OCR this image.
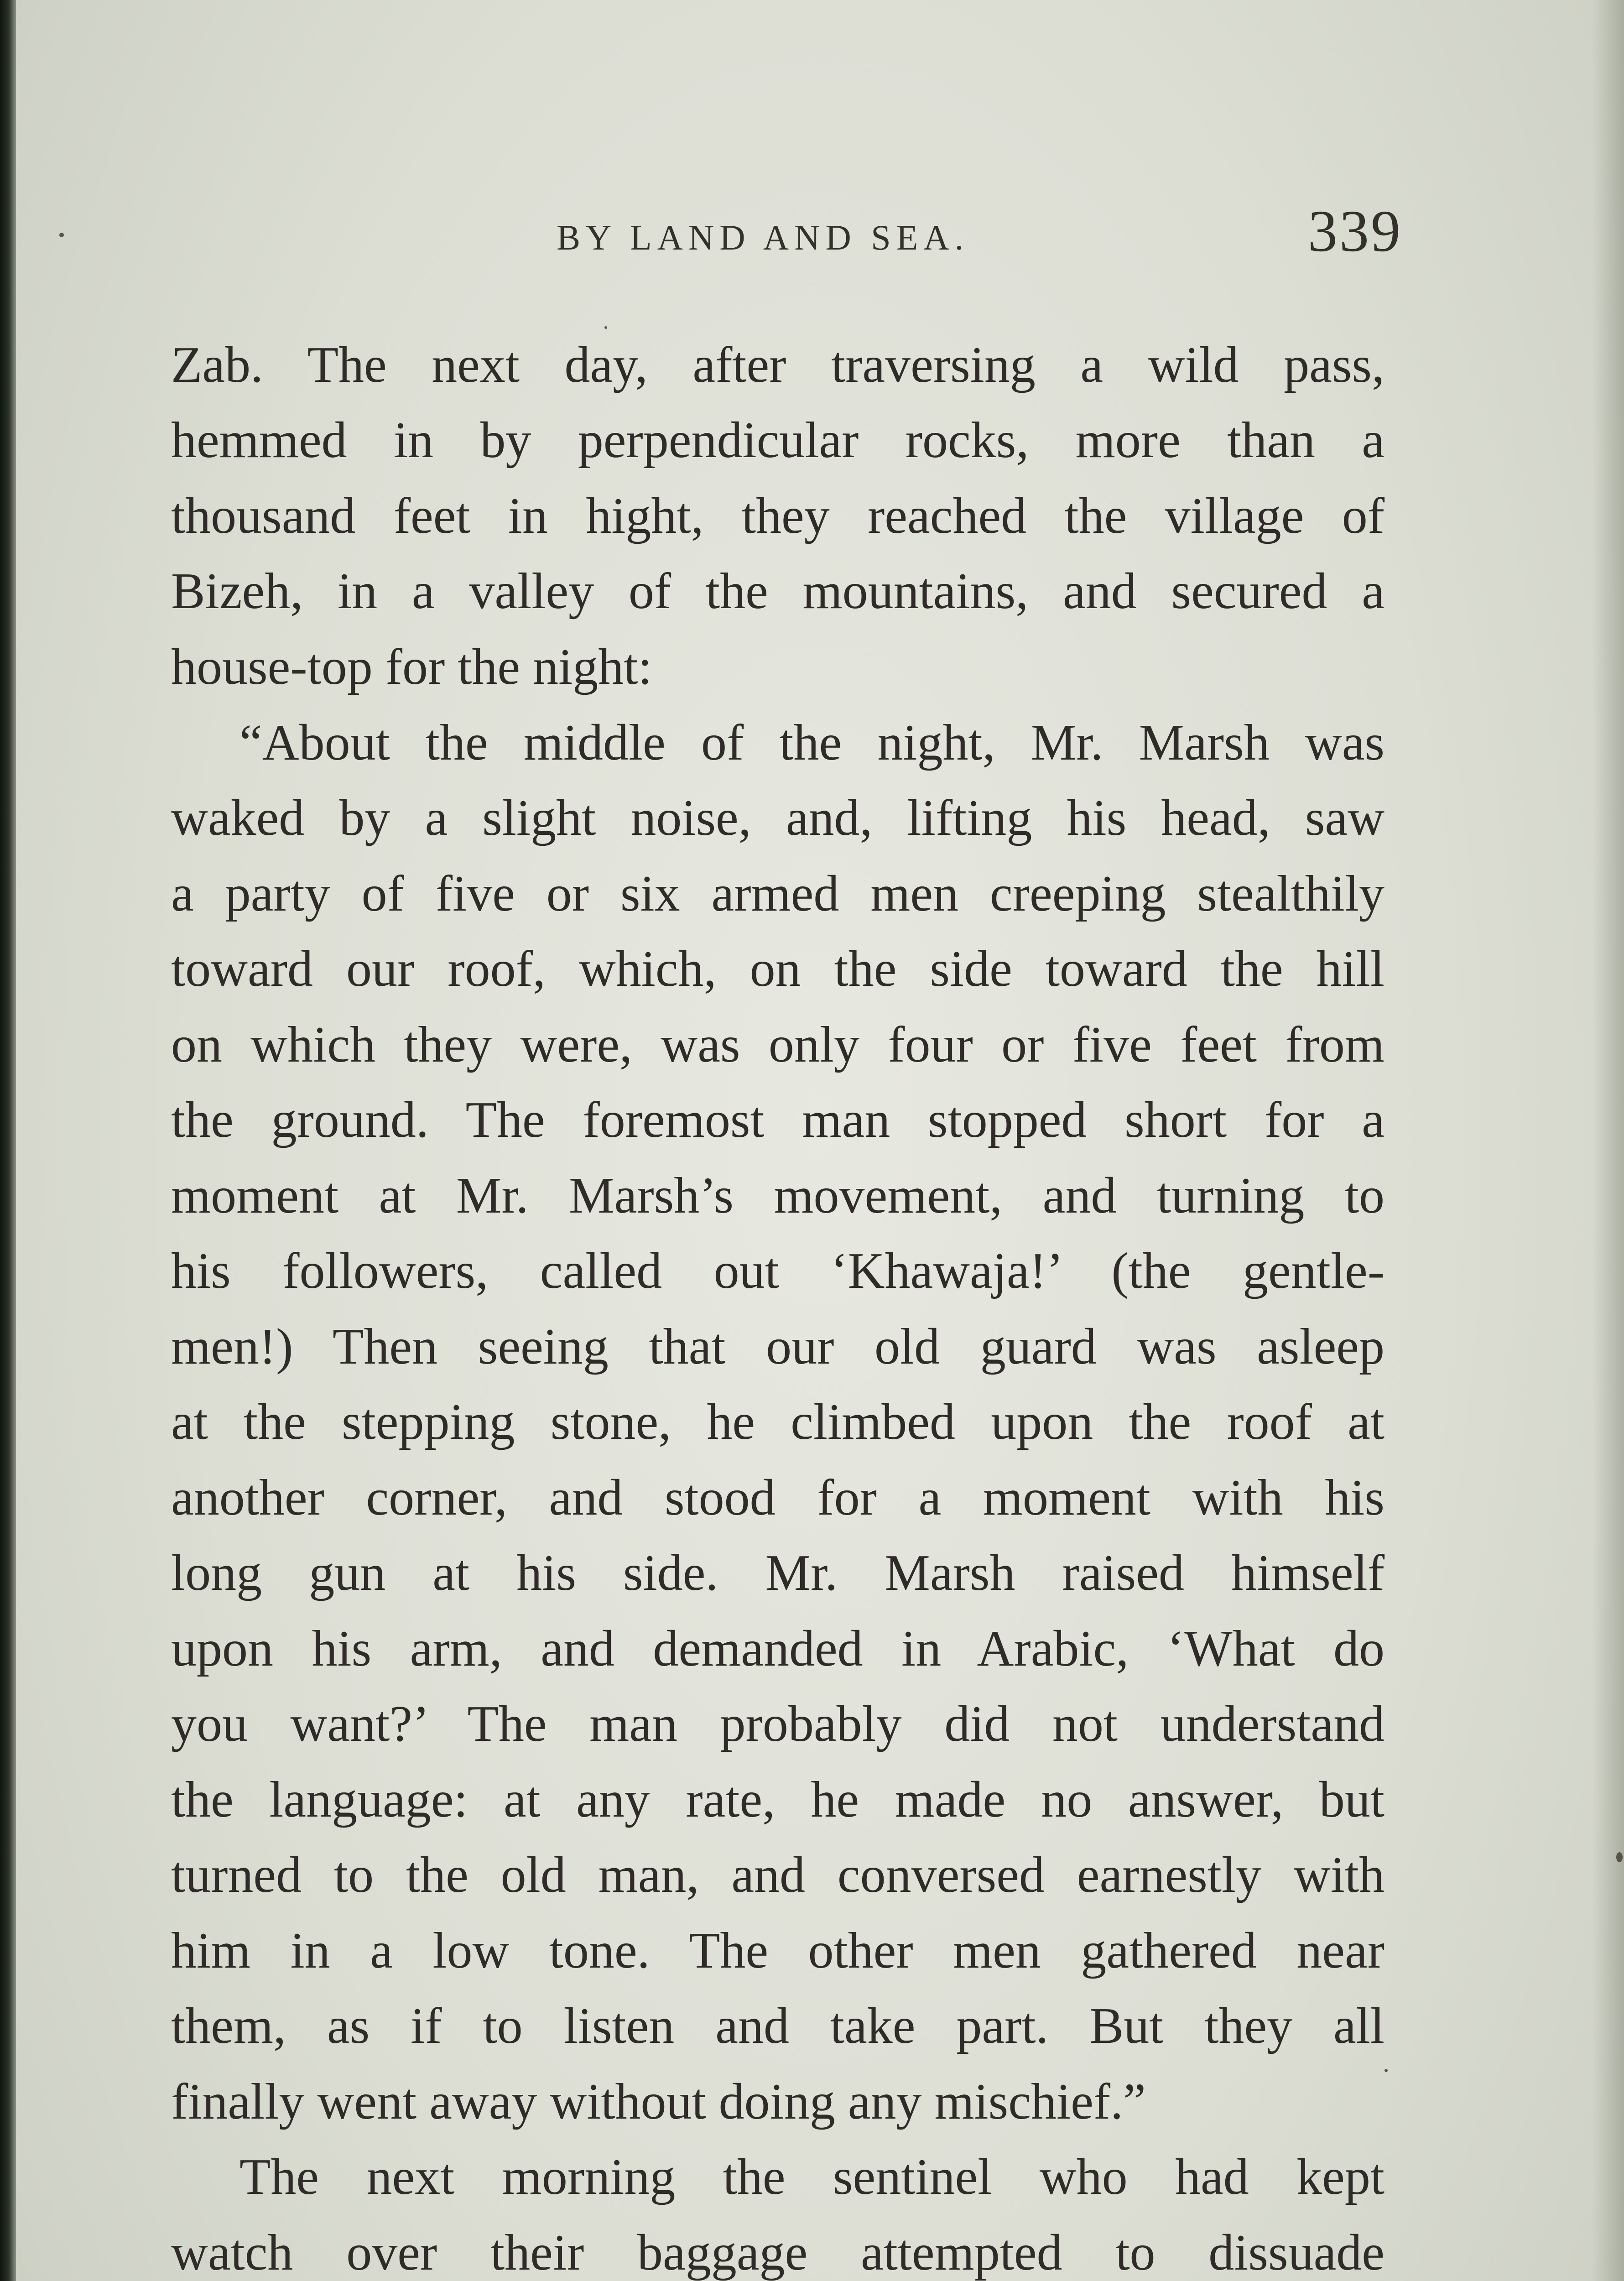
BY LAND AND SEA.	339
Zab. The next day, after traversing a wild pass,
hemmed in by perpendicular rocks, more than a
thousand feet in hight, they reached the village of
Bizeh, in a valley of the mountains, and secured a
house-top for the night:
“About the middle of the night, Mr. Marsh was
waked by a slight noise, and, lifting his head, saw
a party of five or six armed men creeping stealthily
toward our roof, which, on the side toward the hill
on which they were, was only four or five feet from
the ground. The foremost man stopped short for a
moment at Mr. Marsh’s movement, and turning to
his followers, called out ‘Khawaja!’ (the gentle-
men!) Then seeing that our old guard was asleep
at the stepping stone, he climbed upon the roof at
another corner, and stood for a moment with his
long gun at his side. Mr. Marsh raised himself
upon his arm, and demanded in Arabic, ‘What do
you want?’ The man probably did not understand
the language: at any rate, he made no answer, but
turned to the old man, and conversed earnestly with
him in a low tone. The other men gathered near
them, as if to listen and take part. But they all
finally went away without doing any mischief.”
The next morning the sentinel who had kept
watch over their baggage attempted to dissuade
